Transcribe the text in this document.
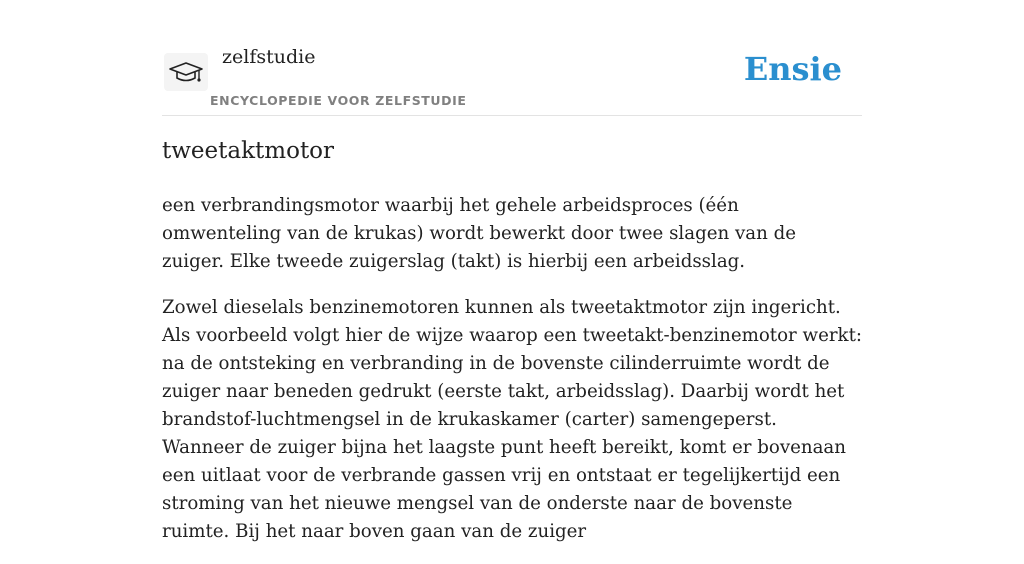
zelfstudie
ENCYCLOPEDIE VOOR ZELFSTUDIE
Ensie
tweetaktmotor

een verbrandingsmotor waarbij het gehele arbeidsproces (één omwenteling van de krukas) wordt bewerkt door twee slagen van de zuiger. Elke tweede zuigerslag (takt) is hierbij een arbeidsslag.

Zowel dieselals benzinemotoren kunnen als tweetaktmotor zijn ingericht. Als voorbeeld volgt hier de wijze waarop een tweetakt-benzinemotor werkt: na de ontsteking en verbranding in de bovenste cilinderruimte wordt de zuiger naar beneden gedrukt (eerste takt, arbeidsslag). Daarbij wordt het brandstof-luchtmengsel in de krukaskamer (carter) samengeperst. Wanneer de zuiger bijna het laagste punt heeft bereikt, komt er bovenaan een uitlaat voor de verbrande gassen vrij en ontstaat er tegelijkertijd een stroming van het nieuwe mengsel van de onderste naar de bovenste ruimte. Bij het naar boven gaan van de zuiger
